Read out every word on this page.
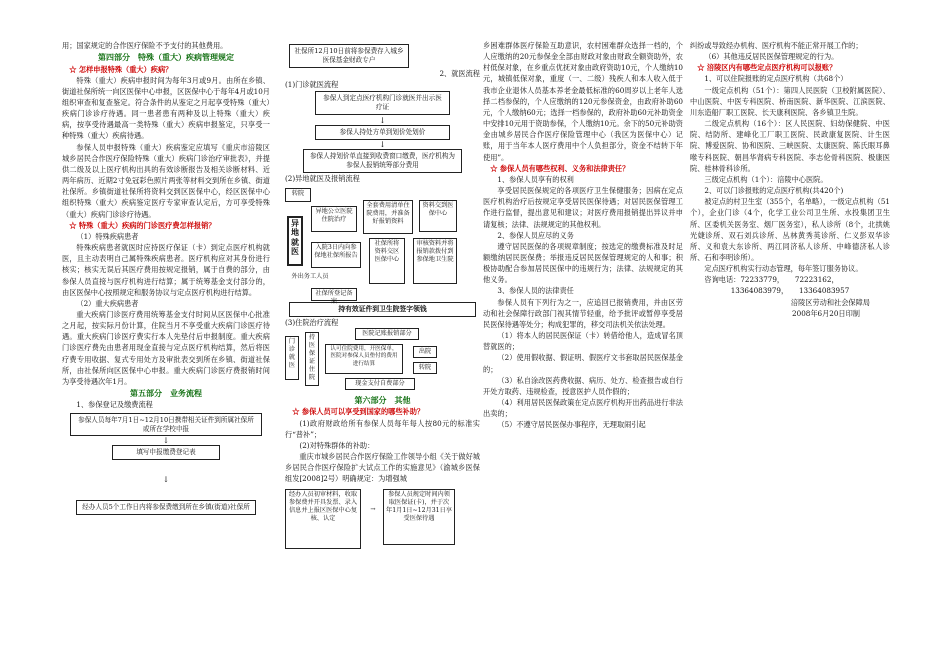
用；国家规定的合作医疗保险不予支付的其他费用。

第四部分　特殊（重大）疾病管理规定

☆ 怎样申报特殊（重大）疾病？

特殊（重大）疾病申报时间为每年3月或9月。由所在乡镇、街道社保所统一向区医保中心申报，区医保中心于每年4月或10月组织审查和复查鉴定。符合条件的从鉴定之月起享受特殊（重大）疾病门诊诊疗待遇。同一患者患有两种及以上特殊（重大）疾病，按享受待遇最高一类特殊（重大）疾病申报鉴定，只享受一种特殊（重大）疾病待遇。

参保人员申报特殊（重大）疾病鉴定应填写《重庆市涪陵区城乡居民合作医疗保险特殊（重大）疾病门诊治疗审批表》，并提供二级及以上医疗机构出具的有效诊断报告及相关诊断材料、近两年病历、近期2寸免冠彩色照片两张等材料交到所在乡镇、街道社保所。乡镇街道社保所将资料交到区医保中心，经区医保中心组织特殊（重大）疾病鉴定医疗专家审查认定后，方可享受特殊（重大）疾病门诊诊疗待遇。

☆ 特殊（重大）疾病的门诊医疗费怎样报销？

（1）特殊疾病患者

特殊疾病患者就医时应持医疗保证（卡）到定点医疗机构就医，且主动表明自己属特殊疾病患者。医疗机构应对其身份进行核实；核实无误后其医疗费用按规定报销，属于自费的部分，由参保人员直接与医疗机构进行结算；属于统筹基金支付部分的，由区医保中心按照规定和服务协议与定点医疗机构进行结算。

（2）重大疾病患者

重大疾病门诊医疗费用统筹基金支付时间从区医保中心批准之月起，按实际月份计算，住院当月不享受重大疾病门诊医疗待遇。重大疾病门诊医疗费实行本人先垫付后申报制度。重大疾病门诊医疗费先由患者用现金直接与定点医疗机构结算，然后将医疗费专用收据、复式专用处方及审批表交到所在乡镇、街道社保所，由社保所向区医保中心申报。重大疾病门诊医疗费报销时间为享受待遇次年1月。

第五部分　业务流程

1、参保登记及缴费流程

参保人员每年7月1日~12月10日携带相关证件到所属社保所或所在学校申报
↓
填写申报缴费登记表
↓
经办人员5个工作日内将参保费缴到所在乡镇(街道)社保所
社保所12月10日前将参保费存入城乡医保基金财政专户

2、就医流程

(1)门诊就医流程

参保人到定点医疗机构门诊就医并出示医疗证
↓
参保人持处方单到划价处划价
↓
参保人持划价单直接到收费窗口缴费，医疗机构为参保人报销统筹部分费用

(2)异地就医及报销流程

转院
异地就医
异地公立医院住院治疗
全套费用清单住院费用，并准备好报销资料
资料交到医保中心
入院3日内向参保地社保所报告
社保所将资料交区医保中心
审核资料并将报销款拨付到参保地卫生院
外出务工人员
社保所登记备案
持有效证件到卫生院签字领钱

(3)住院治疗流程

门诊就医
持医保证住院
医院记账报销部分
认可住院费用，开医保单，医院对参保人员垫付的费用进行结算
出院
转院
现金支付自费部分

第六部分　其他

☆ 参保人员可以享受到国家的哪些补助？

(1)政府财政给所有参保人员每年每人按80元的标准实行“普补”；

(2)对特殊群体的补助：

重庆市城乡居民合作医疗保险工作领导小组《关于做好城乡居民合作医疗保险扩大试点工作的实施意见》（渝城乡医保组发[2008]2号）明确规定：为增强城

经办人员初审材料，收取参保费并开具发票、录入信息并上报区医保中心复核、认定
→
参保人员规定时间内领取医保证(卡)，并于次年1月1日~12月31日享受医保待遇

乡困难群体医疗保险互助意识，农村困难群众选择一档的，个人应缴纳的20元参保金全部由财政对象由财政全额资助外，农村低保对象，在乡重点优抚对象由政府资助10元，个人缴纳10元，城镇低保对象，重度（一、二级）残疾人和本人收入低于我市企业退休人员基本养老金最低标准的60周岁以上老年人选择二档参保的，个人应缴纳的120元参保资金，由政府补助60元，个人缴纳60元；选择一档参保的，政府补助60元补助资金中安排10元用于资助参保，个人缴纳10元。余下的50元补助资金由城乡居民合作医疗保险管理中心（我区为医保中心）记账，用于当年本人医疗费用中个人负担部分，资金不结转下年使用”。

☆ 参保人员有哪些权利、义务和法律责任？

1、参保人员享有的权利

享受居民医保规定的各项医疗卫生保健服务；因病在定点医疗机构治疗后按规定享受居民医保待遇；对居民医保管理工作进行监督，提出意见和建议；对医疗费用报销提出异议并申请复核；法律、法规规定的其他权利。

2、参保人员应尽的义务

遵守居民医保的各项规章制度；按选定的缴费标准及时足额缴纳居民医保费；举报违反居民医保管理规定的人和事；积极协助配合参加居民医保中的违规行为；法律、法规规定的其他义务。

3、参保人员的法律责任

参保人员有下列行为之一，应追回已报销费用，并由区劳动和社会保障行政部门视其情节轻重，给予批评或暂停享受居民医保待遇等处分；构成犯罪的，移交司法机关依法处理。

（1）将本人的居民医保证（卡）转借给他人，造成冒名顶替就医的；

（2）使用假收据、假证明、假医疗文书套取居民医保基金的；

（3）私自涂改医药费收据、病历、处方、检查报告或自行开处方取药、违规检查，授意医护人员作假的；

（4）利用居民医保政策在定点医疗机构开出药品进行非法出卖的；

（5）不遵守居民医保办事程序，无理取闹引起

纠纷或导致经办机构、医疗机构不能正常开展工作的；

（6）其他违反居民医保管理规定的行为。

☆ 涪陵区内有哪些定点医疗机构可以报账？

1、可以住院报账的定点医疗机构（共68个）

一级定点机构（51个）：第四人民医院（卫校附属医院）、中山医院、中医专科医院、桥南医院、新华医院、江滨医院、川东造船厂职工医院、长天康利医院、各乡镇卫生院。

二级定点机构（16个）：区人民医院、妇幼保健院、中医院、结防所、建峰化工厂职工医院、民政康复医院、计生医院、博爱医院、协和医院、三峡医院、太康医院、陈氏眼耳鼻喉专科医院、朝昌华肾病专科医院、李志伦骨科医院、极康医院、桂林骨科诊所。

三级定点机构（1个）：涪陵中心医院。

2、可以门诊报账的定点医疗机构(共420个)

被定点的村卫生室（355个，名单略），一级定点机构（51个），企业门诊（4个，化学工业公司卫生所、水投集团卫生所、区委机关医务室、烟厂医务室），私人诊所（8个，北拱姚光婕诊所、双石刘兵诊所、丛林黄秀英诊所、仁义彭双华诊所、义和袁大东诊所、两江同济私人诊所、中峰德济私人诊所、石和李明诊所）。

定点医疗机构实行动态管理，每年签订服务协议。

咨询电话：72233779，　　72223162，

13364083979，　　13364083957

涪陵区劳动和社会保障局

2008年6月20日印制
